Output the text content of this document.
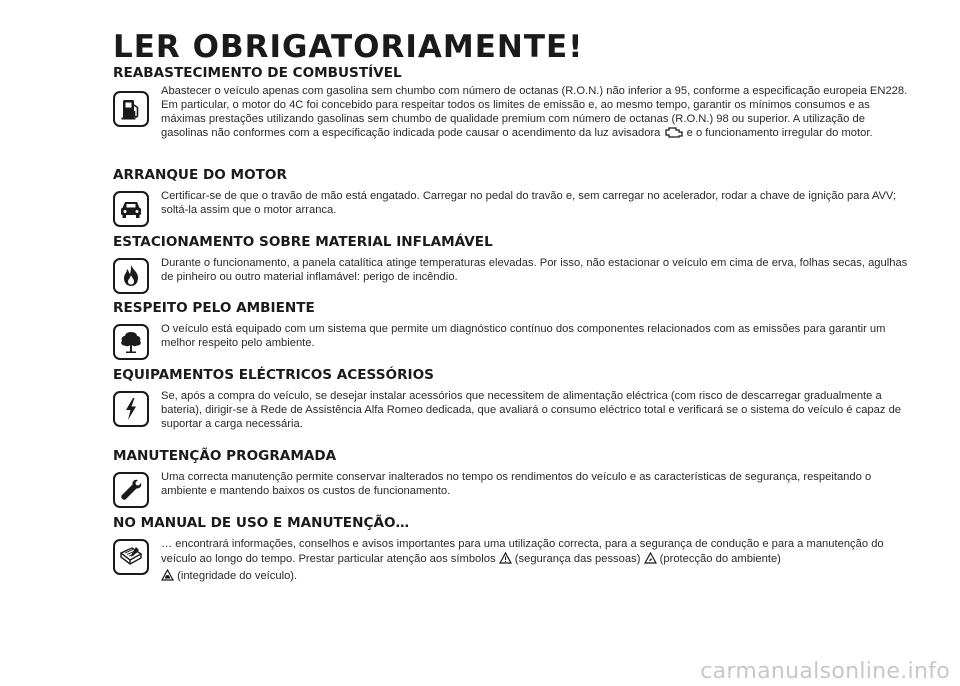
LER OBRIGATORIAMENTE!
REABASTECIMENTO DE COMBUSTÍVEL
Abastecer o veículo apenas com gasolina sem chumbo com número de octanas (R.O.N.) não inferior a 95, conforme a especificação europeia EN228. Em particular, o motor do 4C foi concebido para respeitar todos os limites de emissão e, ao mesmo tempo, garantir os mínimos consumos e as máximas prestações utilizando gasolinas sem chumbo de qualidade premium com número de octanas (R.O.N.) 98 ou superior. A utilização de gasolinas não conformes com a especificação indicada pode causar o acendimento da luz avisadora e o funcionamento irregular do motor.
ARRANQUE DO MOTOR
Certificar-se de que o travão de mão está engatado. Carregar no pedal do travão e, sem carregar no acelerador, rodar a chave de ignição para AVV; soltá-la assim que o motor arranca.
ESTACIONAMENTO SOBRE MATERIAL INFLAMÁVEL
Durante o funcionamento, a panela catalítica atinge temperaturas elevadas. Por isso, não estacionar o veículo em cima de erva, folhas secas, agulhas de pinheiro ou outro material inflamável: perigo de incêndio.
RESPEITO PELO AMBIENTE
O veículo está equipado com um sistema que permite um diagnóstico contínuo dos componentes relacionados com as emissões para garantir um melhor respeito pelo ambiente.
EQUIPAMENTOS ELÉCTRICOS ACESSÓRIOS
Se, após a compra do veículo, se desejar instalar acessórios que necessitem de alimentação eléctrica (com risco de descarregar gradualmente a bateria), dirigir-se à Rede de Assistência Alfa Romeo dedicada, que avaliará o consumo eléctrico total e verificará se o sistema do veículo é capaz de suportar a carga necessária.
MANUTENÇÃO PROGRAMADA
Uma correcta manutenção permite conservar inalterados no tempo os rendimentos do veículo e as características de segurança, respeitando o ambiente e mantendo baixos os custos de funcionamento.
NO MANUAL DE USO E MANUTENÇÃO…
… encontrará informações, conselhos e avisos importantes para uma utilização correcta, para a segurança de condução e para a manutenção do veículo ao longo do tempo. Prestar particular atenção aos símbolos (segurança das pessoas) (protecção do ambiente)
(integridade do veículo).
carmanualsonline.info
